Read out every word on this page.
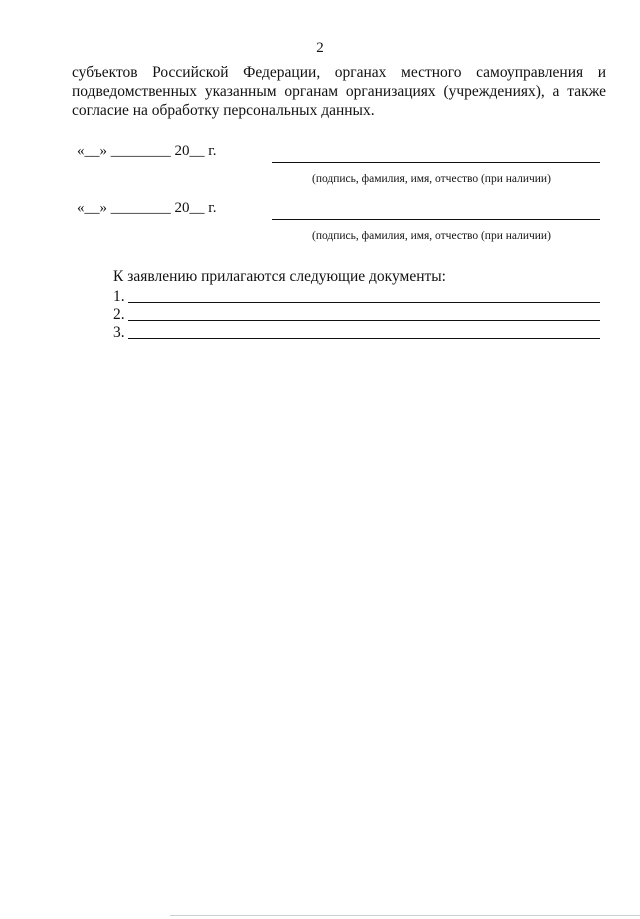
2
субъектов Российской Федерации, органах местного самоуправления и
подведомственных указанным органам организациях (учреждениях), а также
согласие на обработку персональных данных.
«__» ________ 20__ г.
(подпись, фамилия, имя, отчество (при наличии)
«__» ________ 20__ г.
(подпись, фамилия, имя, отчество (при наличии)
К заявлению прилагаются следующие документы:
1.
2.
3.
